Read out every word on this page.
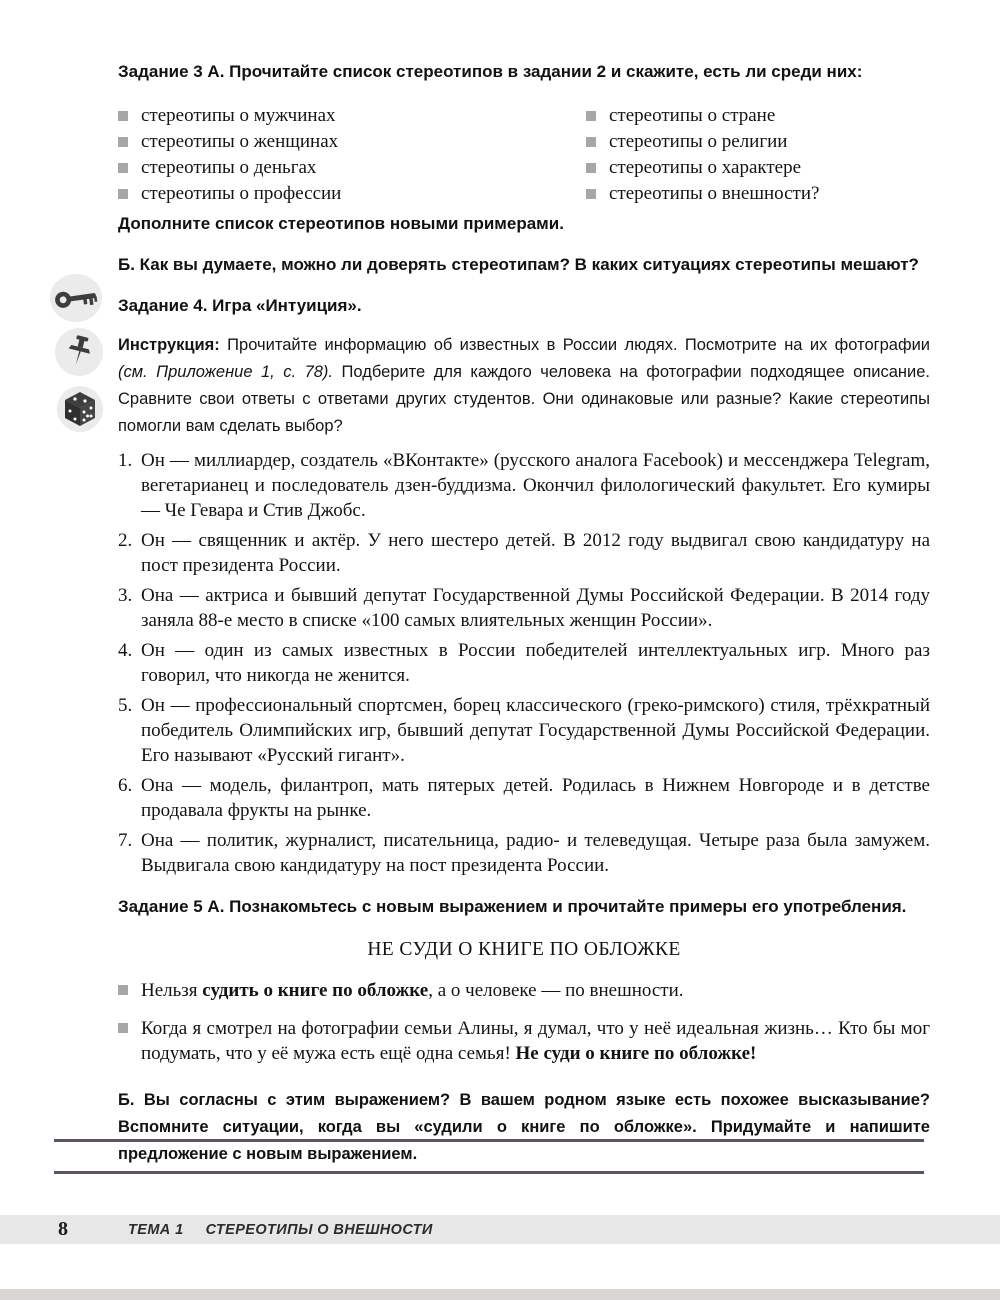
Задание 3 А. Прочитайте список стереотипов в задании 2 и скажите, есть ли среди них:
стереотипы о мужчинах
стереотипы о женщинах
стереотипы о деньгах
стереотипы о профессии
стереотипы о стране
стереотипы о религии
стереотипы о характере
стереотипы о внешности?

Дополните список стереотипов новыми примерами.

Б. Как вы думаете, можно ли доверять стереотипам? В каких ситуациях стереотипы мешают?

Задание 4. Игра «Интуиция».

Инструкция: Прочитайте информацию об известных в России людях. Посмотрите на их фотографии (см. Приложение 1, с. 78). Подберите для каждого человека на фотографии подходящее описание. Сравните свои ответы с ответами других студентов. Они одинаковые или разные? Какие стереотипы помогли вам сделать выбор?

1. Он — миллиардер, создатель «ВКонтакте» (русского аналога Facebook) и мессенджера Telegram, вегетарианец и последователь дзен-буддизма. Окончил филологический факультет. Его кумиры — Че Гевара и Стив Джобс.
2. Он — священник и актёр. У него шестеро детей. В 2012 году выдвигал свою кандидатуру на пост президента России.
3. Она — актриса и бывший депутат Государственной Думы Российской Федерации. В 2014 году заняла 88-е место в списке «100 самых влиятельных женщин России».
4. Он — один из самых известных в России победителей интеллектуальных игр. Много раз говорил, что никогда не женится.
5. Он — профессиональный спортсмен, борец классического (греко-римского) стиля, трёхкратный победитель Олимпийских игр, бывший депутат Государственной Думы Российской Федерации. Его называют «Русский гигант».
6. Она — модель, филантроп, мать пятерых детей. Родилась в Нижнем Новгороде и в детстве продавала фрукты на рынке.
7. Она — политик, журналист, писательница, радио- и телеведущая. Четыре раза была замужем. Выдвигала свою кандидатуру на пост президента России.
Задание 5 А. Познакомьтесь с новым выражением и прочитайте примеры его употребления.

НЕ СУДИ О КНИГЕ ПО ОБЛОЖКЕ

Нельзя судить о книге по обложке, а о человеке — по внешности.

Когда я смотрел на фотографии семьи Алины, я думал, что у неё идеальная жизнь… Кто бы мог подумать, что у её мужа есть ещё одна семья! Не суди о книге по обложке!

Б. Вы согласны с этим выражением? В вашем родном языке есть похожее высказывание? Вспомните ситуации, когда вы «судили о книге по обложке». Придумайте и напишите предложение с новым выражением.

8	ТЕМА 1 СТЕРЕОТИПЫ О ВНЕШНОСТИ
